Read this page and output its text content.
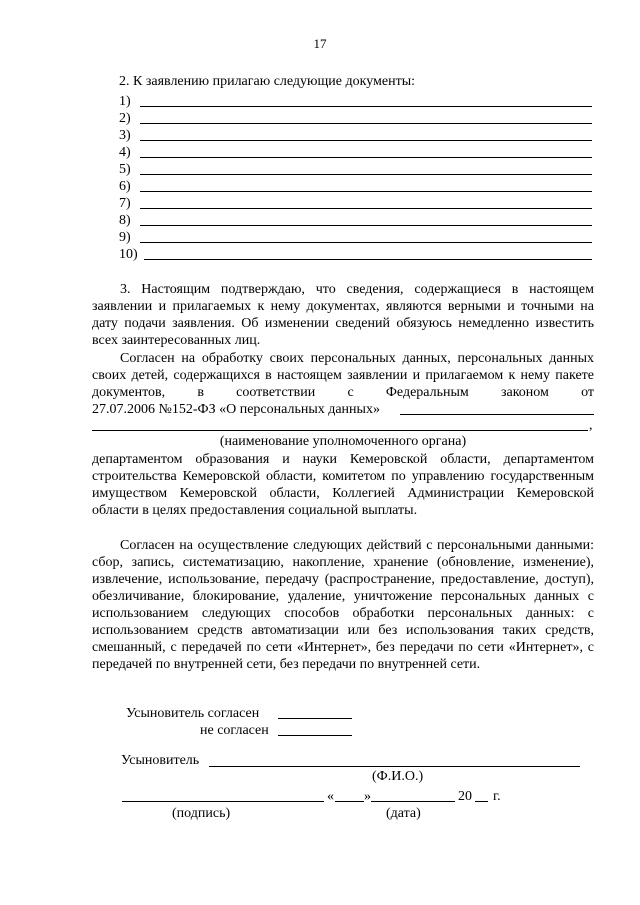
17
2. К заявлению прилагаю следующие документы:
1)
2)
3)
4)
5)
6)
7)
8)
9)
10)
3. Настоящим подтверждаю, что сведения, содержащиеся в настоящем заявлении и прилагаемых к нему документах, являются верными и точными на дату подачи заявления. Об изменении сведений обязуюсь немедленно известить всех заинтересованных лиц.
Согласен на обработку своих персональных данных, персональных данных своих детей, содержащихся в настоящем заявлении и прилагаемом к нему пакете документов, в соответствии с Федеральным законом от
27.07.2006 №152-ФЗ «О персональных данных»
,
(наименование уполномоченного органа)
департаментом образования и науки Кемеровской области, департаментом строительства Кемеровской области, комитетом по управлению государственным имуществом Кемеровской области, Коллегией Администрации Кемеровской области в целях предоставления социальной выплаты.
Согласен на осуществление следующих действий с персональными данными: сбор, запись, систематизацию, накопление, хранение (обновление, изменение), извлечение, использование, передачу (распространение, предоставление, доступ), обезличивание, блокирование, удаление, уничтожение персональных данных с использованием следующих способов обработки персональных данных: с использованием средств автоматизации или без использования таких средств, смешанный, с передачей по сети «Интернет», без передачи по сети «Интернет», с передачей по внутренней сети, без передачи по внутренней сети.
Усыновитель согласен
не согласен
Усыновитель
(Ф.И.О.)
« »	20 г.
(подпись)	(дата)
